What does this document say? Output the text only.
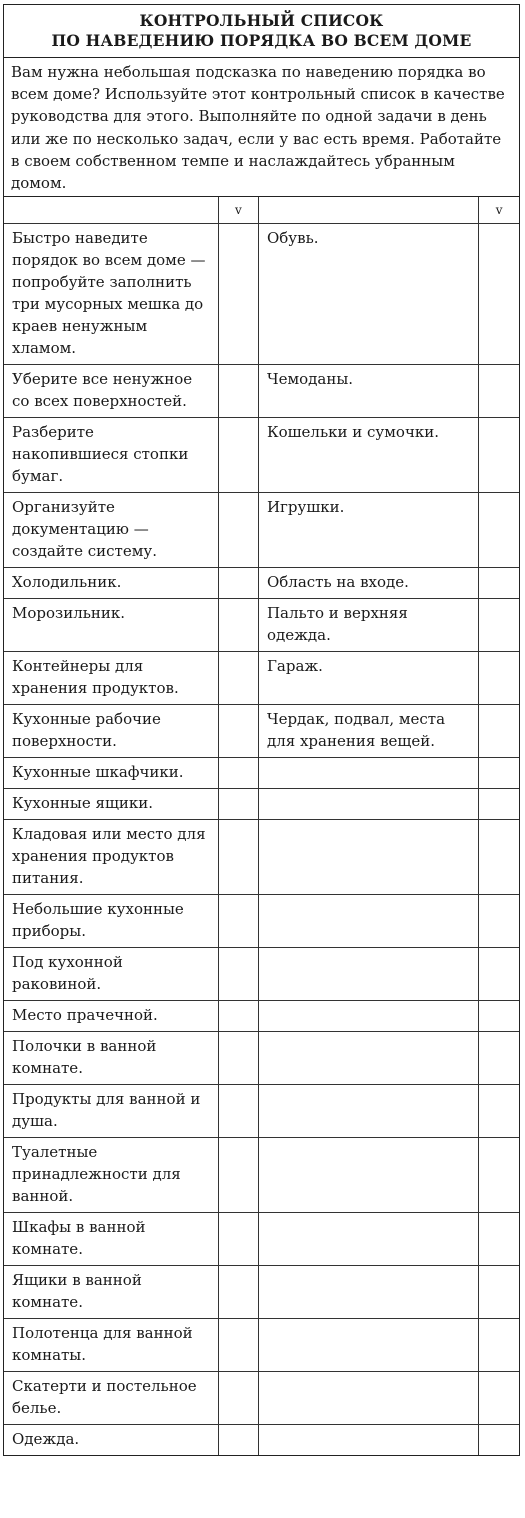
КОНТРОЛЬНЫЙ СПИСОК
ПО НАВЕДЕНИЮ ПОРЯДКА ВО ВСЕМ ДОМЕ
Вам нужна небольшая подсказка по наведению порядка во всем доме? Используйте этот контрольный список в качестве руководства для этого. Выполняйте по одной задачи в день или же по несколько задач, если у вас есть время. Работайте в своем собственном темпе и наслаждайтесь убранным домом.
	v		v
Быстро наведите порядок во всем доме — попробуйте заполнить три мусорных мешка до краев ненужным хламом.		Обувь.	
Уберите все ненужное со всех поверхностей.		Чемоданы.	
Разберите накопившиеся стопки бумаг.		Кошельки и сумочки.	
Организуйте документацию — создайте систему.		Игрушки.	
Холодильник.		Область на входе.	
Морозильник.		Пальто и верхняя одежда.	
Контейнеры для хранения продуктов.		Гараж.	
Кухонные рабочие поверхности.		Чердак, подвал, места для хранения вещей.	
Кухонные шкафчики.			
Кухонные ящики.			
Кладовая или место для хранения продуктов питания.			
Небольшие кухонные приборы.			
Под кухонной раковиной.			
Место прачечной.			
Полочки в ванной комнате.			
Продукты для ванной и душа.			
Туалетные принадлежности для ванной.			
Шкафы в ванной комнате.			
Ящики в ванной комнате.			
Полотенца для ванной комнаты.			
Скатерти и постельное белье.			
Одежда.			
